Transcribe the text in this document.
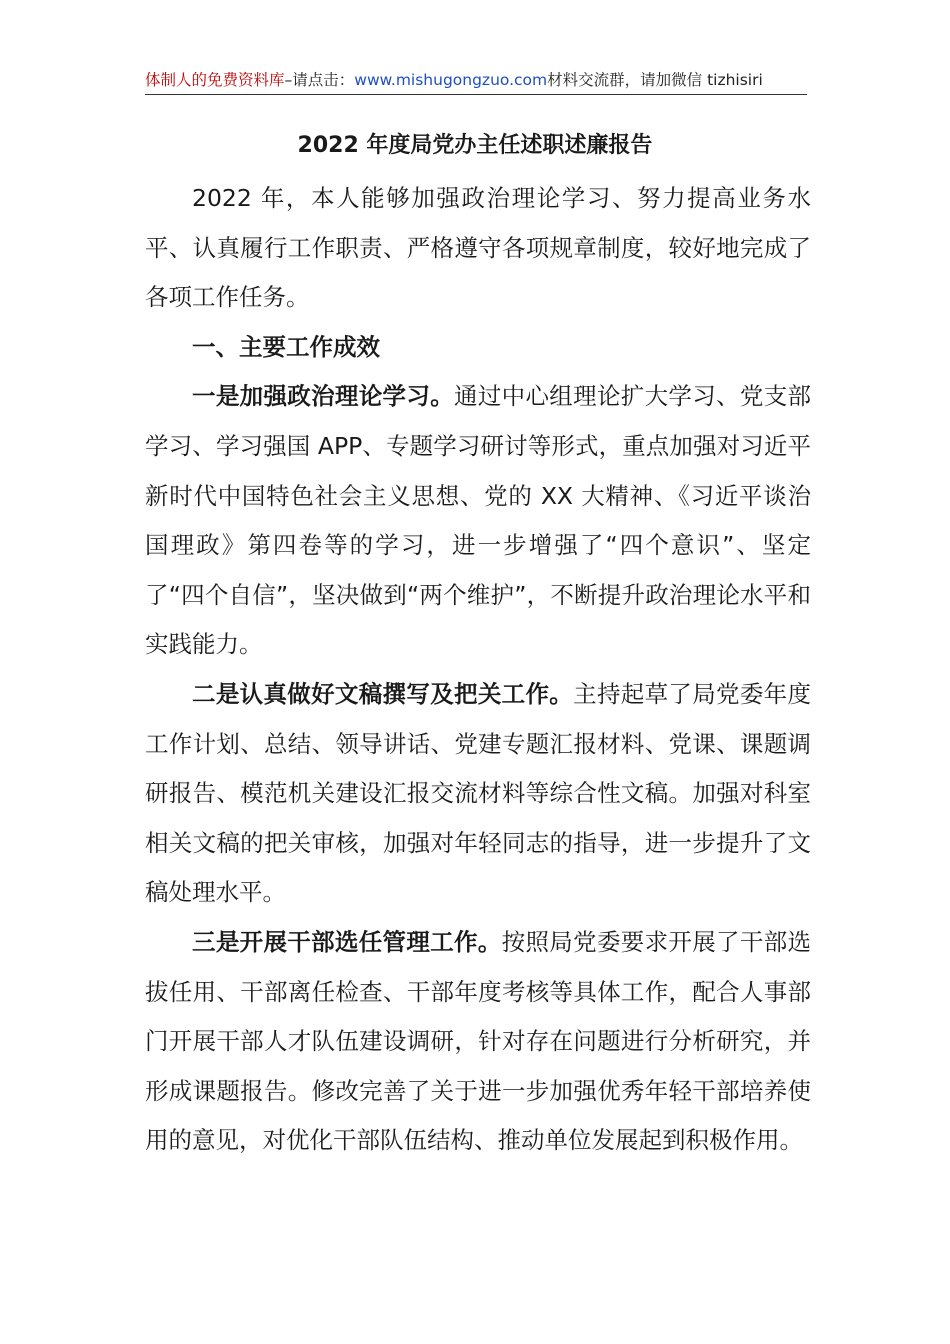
体制人的免费资料库–请点击：www.mishugongzuo.com材料交流群，请加微信 tizhisiri
2022 年度局党办主任述职述廉报告

2022 年，本人能够加强政治理论学习、努力提高业务水平、认真履行工作职责、严格遵守各项规章制度，较好地完成了各项工作任务。

一、主要工作成效

一是加强政治理论学习。通过中心组理论扩大学习、党支部学习、学习强国 APP、专题学习研讨等形式，重点加强对习近平新时代中国特色社会主义思想、党的 XX 大精神、《习近平谈治国理政》第四卷等的学习，进一步增强了“四个意识”、坚定了“四个自信”，坚决做到“两个维护”，不断提升政治理论水平和实践能力。

二是认真做好文稿撰写及把关工作。主持起草了局党委年度工作计划、总结、领导讲话、党建专题汇报材料、党课、课题调研报告、模范机关建设汇报交流材料等综合性文稿。加强对科室相关文稿的把关审核，加强对年轻同志的指导，进一步提升了文稿处理水平。

三是开展干部选任管理工作。按照局党委要求开展了干部选拔任用、干部离任检查、干部年度考核等具体工作，配合人事部门开展干部人才队伍建设调研，针对存在问题进行分析研究，并形成课题报告。修改完善了关于进一步加强优秀年轻干部培养使用的意见，对优化干部队伍结构、推动单位发展起到积极作用。
